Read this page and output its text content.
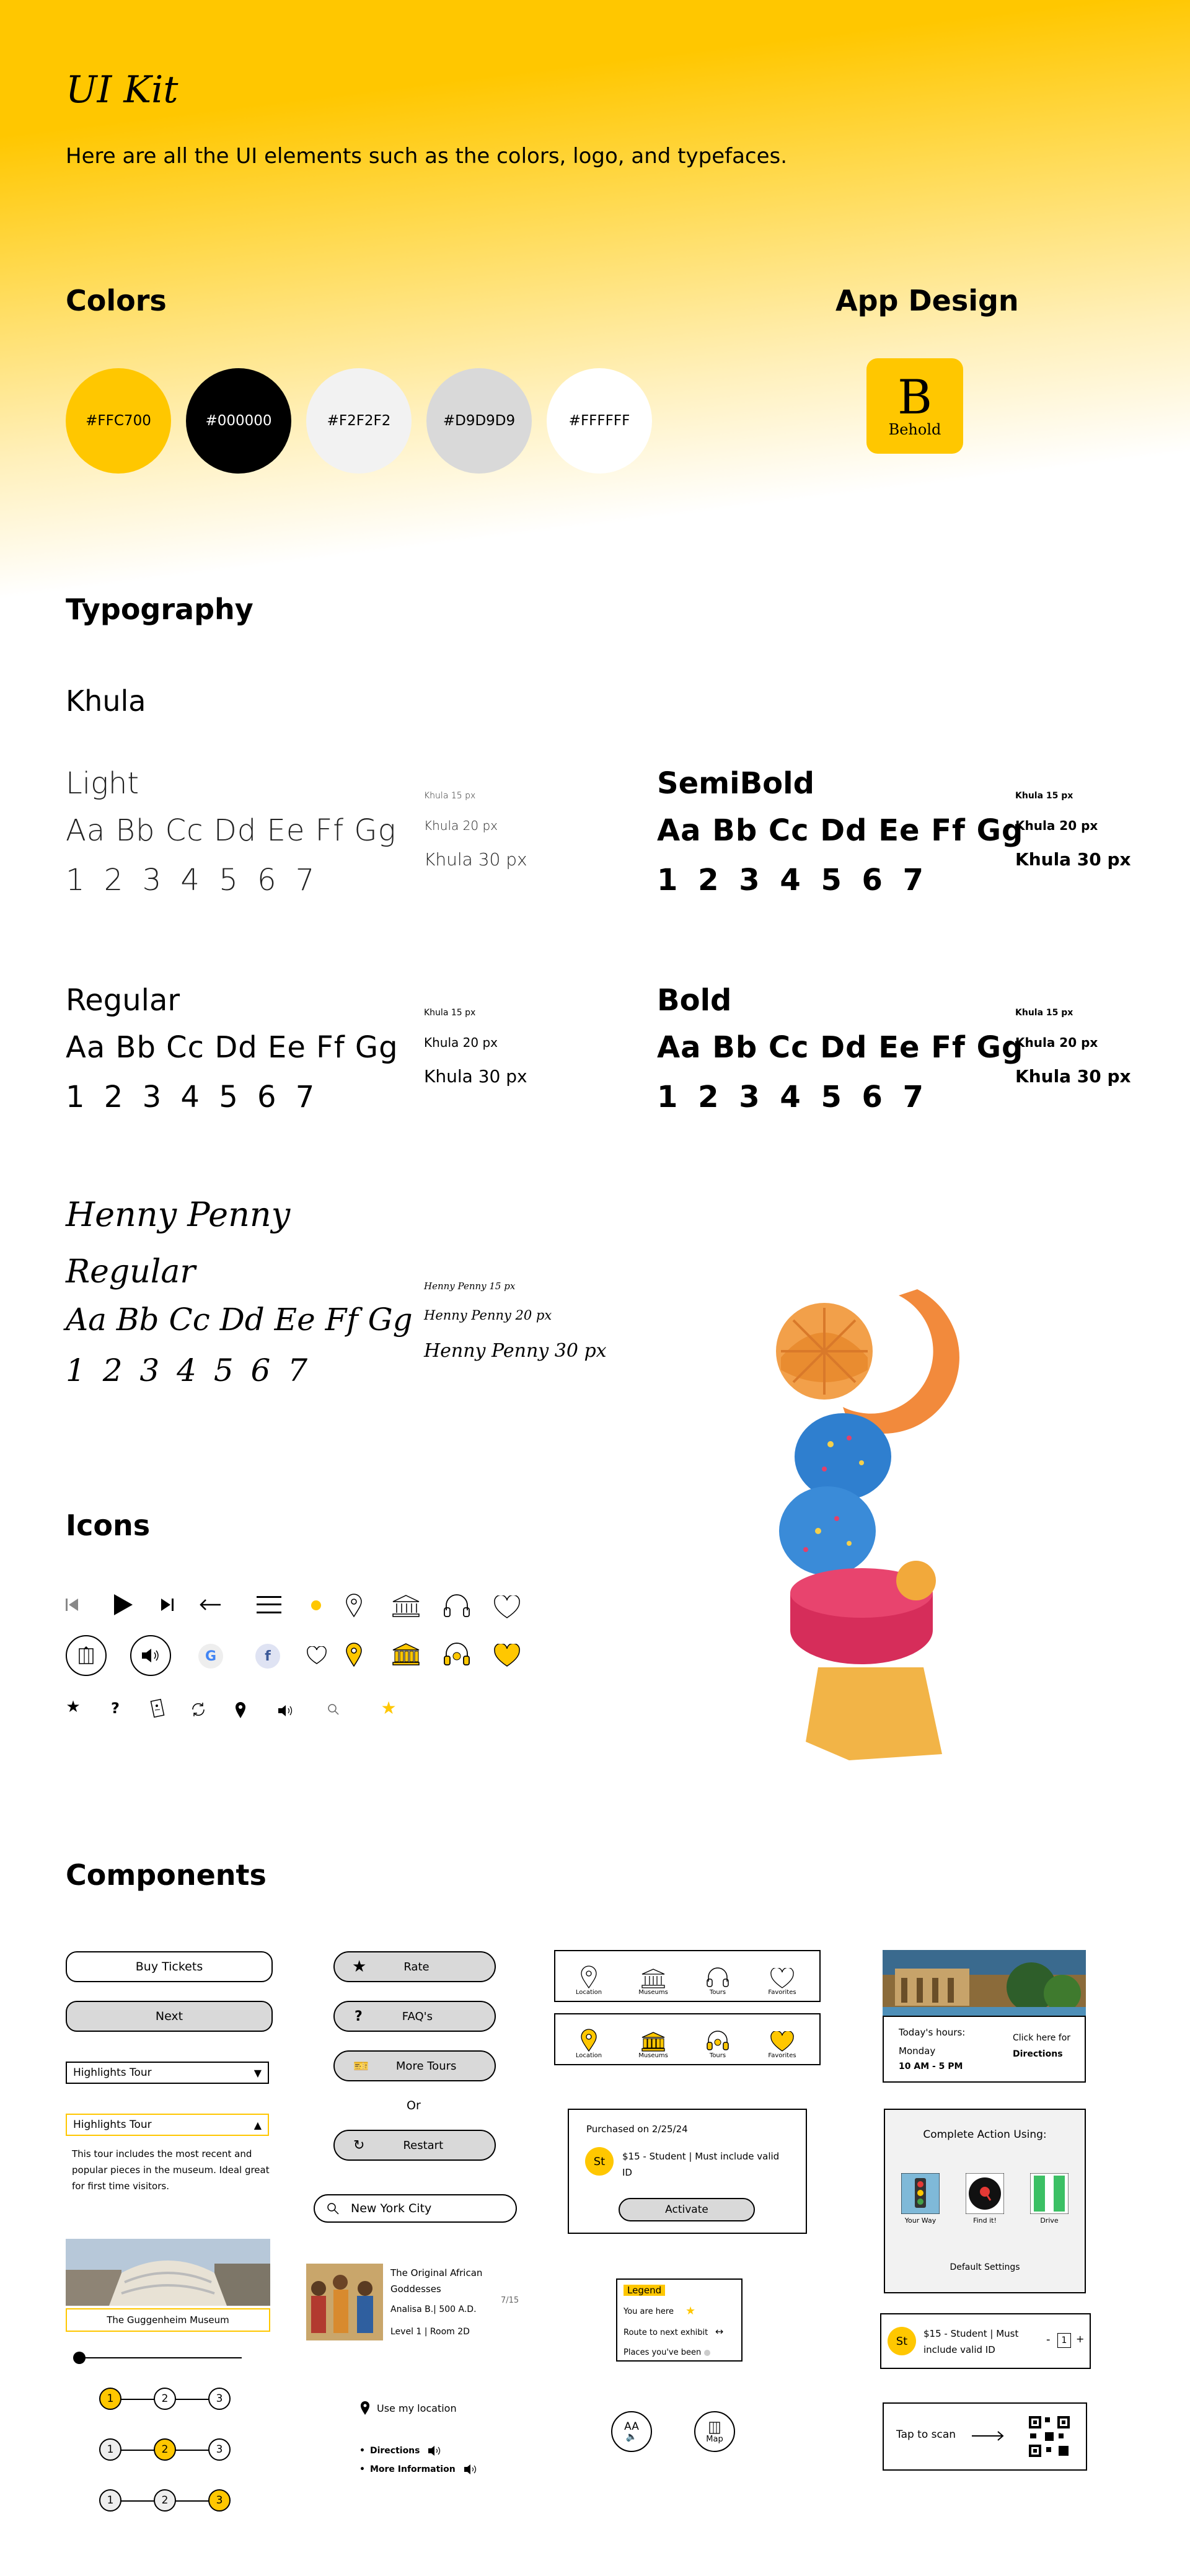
UI Kit
Here are all the UI elements such as the colors, logo, and typefaces.
Colors
#FFC700	#000000	#F2F2F2	#D9D9D9	#FFFFFF
App Design
B
Behold
Typography
Khula
Light
Aa Bb Cc Dd Ee Ff Gg
1 2 3 4 5 6 7
Khula 15 px
Khula 20 px
Khula 30 px
SemiBold
Aa Bb Cc Dd Ee Ff Gg
1 2 3 4 5 6 7
Khula 15 px
Khula 20 px
Khula 30 px
Regular
Aa Bb Cc Dd Ee Ff Gg
1 2 3 4 5 6 7
Khula 15 px
Khula 20 px
Khula 30 px
Bold
Aa Bb Cc Dd Ee Ff Gg
1 2 3 4 5 6 7
Khula 15 px
Khula 20 px
Khula 30 px
Henny Penny
Regular
Aa Bb Cc Dd Ee Ff Gg
1 2 3 4 5 6 7
Henny Penny 15 px
Henny Penny 20 px
Henny Penny 30 px
Icons
G	f
★ ?	★
Components
Buy Tickets
Next
Highlights Tour	▼
Highlights Tour	▲
This tour includes the most recent and popular pieces in the museum. Ideal great for first time visitors.
The Guggenheim Museum
1	2	3
1	2	3
1	2	3
★	Rate
?	FAQ's
🎫 More Tours
Or
↻	Restart
New York City
The Original African Goddesses
Analisa B.| 500 A.D.
Level 1 | Room 2D
7/15
Use my location
• Directions
• More Information
Location	Museums	Tours	Favorites
Location	Museums	Tours	Favorites
Purchased on 2/25/24
St	$15 - Student | Must include valid ID
Activate
Legend
You are here ★
Route to next exhibit ↔
Places you've been
AA
🔈	Map
Today's hours:
Monday
10 AM - 5 PM
Click here for
Directions
Complete Action Using:
Your Way	Find it!	Drive
Default Settings
St
$15 - Student | Must include valid ID
-	1 +
Tap to scan
